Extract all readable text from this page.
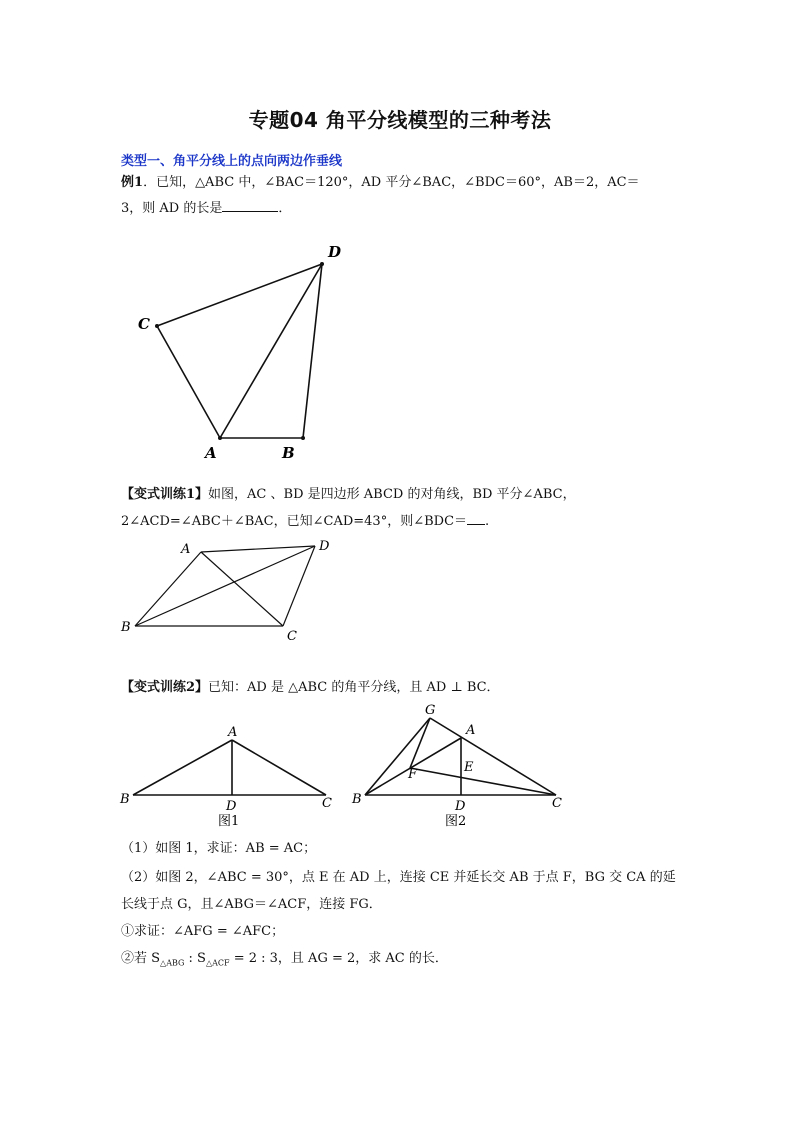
专题04 角平分线模型的三种考法
类型一、角平分线上的点向两边作垂线
例1．已知，△ABC 中，∠BAC＝120°，AD 平分∠BAC，∠BDC＝60°，AB＝2，AC＝
3，则 AD 的长是	．
C
D
A	B
【变式训练1】如图，AC 、BD 是四边形 ABCD 的对角线，BD 平分∠ABC，
2∠ACD=∠ABC＋∠BAC，已知∠CAD=43°，则∠BDC＝ .
A	D
B
C
【变式训练2】已知：AD 是 △ABC 的角平分线，且 AD ⊥ BC．
A
B	D	C
图1
G
A
F	E
B	D	C
图2
（1）如图 1，求证：AB = AC；
（2）如图 2，∠ABC = 30°，点 E 在 AD 上，连接 CE 并延长交 AB 于点 F，BG 交 CA 的延
长线于点 G，且∠ABG＝∠ACF，连接 FG．
①求证：∠AFG = ∠AFC；
②若 $S_{\triangle ABG}$ : $S_{\triangle ACF} = 2$ : 3，且 AG = 2，求 AC 的长．
